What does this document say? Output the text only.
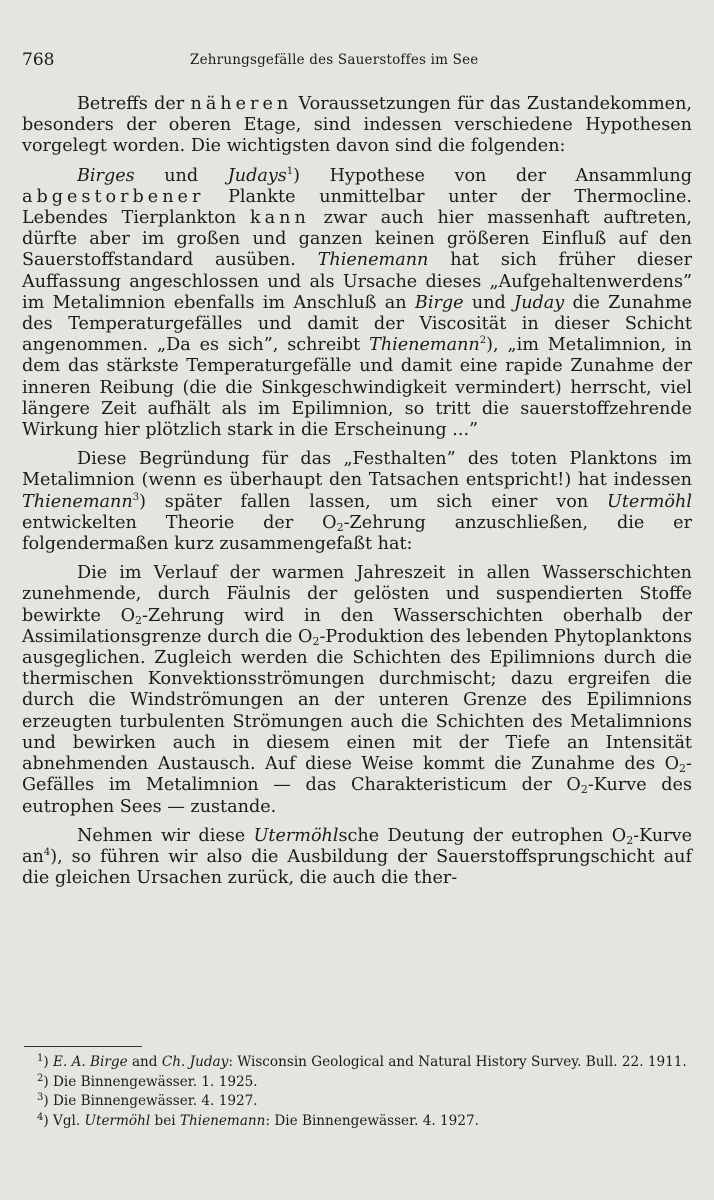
768	Zehrungsgefälle des Sauerstoffes im See

Betreffs der näheren Voraussetzungen für das Zustandekommen, besonders der oberen Etage, sind indessen verschiedene Hypothesen vorgelegt worden. Die wichtigsten davon sind die folgenden:

Birges und Judays$^1$) Hypothese von der Ansammlung abgestorbener Plankte unmittelbar unter der Thermocline. Lebendes Tierplankton kann zwar auch hier massenhaft auftreten, dürfte aber im großen und ganzen keinen größeren Einfluß auf den Sauerstoffstandard ausüben. Thienemann hat sich früher dieser Auffassung angeschlossen und als Ursache dieses „Aufgehaltenwerdens” im Metalimnion ebenfalls im Anschluß an Birge und Juday die Zunahme des Temperaturgefälles und damit der Viscosität in dieser Schicht angenommen. „Da es sich”, schreibt Thienemann$^2$), „im Metalimnion, in dem das stärkste Temperaturgefälle und damit eine rapide Zunahme der inneren Reibung (die die Sinkgeschwindigkeit vermindert) herrscht, viel längere Zeit aufhält als im Epilimnion, so tritt die sauerstoffzehrende Wirkung hier plötzlich stark in die Erscheinung ...”

Diese Begründung für das „Festhalten” des toten Planktons im Metalimnion (wenn es überhaupt den Tatsachen entspricht!) hat indessen Thienemann$^3$) später fallen lassen, um sich einer von Utermöhl entwickelten Theorie der $O_2$-Zehrung anzuschließen, die er folgendermaßen kurz zusammengefaßt hat:

Die im Verlauf der warmen Jahreszeit in allen Wasserschichten zunehmende, durch Fäulnis der gelösten und suspendierten Stoffe bewirkte $O_2$-Zehrung wird in den Wasserschichten oberhalb der Assimilationsgrenze durch die $O_2$-Produktion des lebenden Phytoplanktons ausgeglichen. Zugleich werden die Schichten des Epilimnions durch die thermischen Konvektionsströmungen durchmischt; dazu ergreifen die durch die Windströmungen an der unteren Grenze des Epilimnions erzeugten turbulenten Strömungen auch die Schichten des Metalimnions und bewirken auch in diesem einen mit der Tiefe an Intensität abnehmenden Austausch. Auf diese Weise kommt die Zunahme des $O_2$-Gefälles im Metalimnion — das Charakteristicum der $O_2$-Kurve des eutrophen Sees — zustande.

Nehmen wir diese Utermöhlsche Deutung der eutrophen $O_2$-Kurve $an^4$), so führen wir also die Ausbildung der Sauerstoffsprungschicht auf die gleichen Ursachen zurück, die auch die ther-

$^1$) E. A. Birge and Ch. Juday: Wisconsin Geological and Natural History Survey. Bull. 22. 1911.
$^2$) Die Binnengewässer. 1. 1925.
$^3$) Die Binnengewässer. 4. 1927.
$^4$) Vgl. Utermöhl bei Thienemann: Die Binnengewässer. 4. 1927.
